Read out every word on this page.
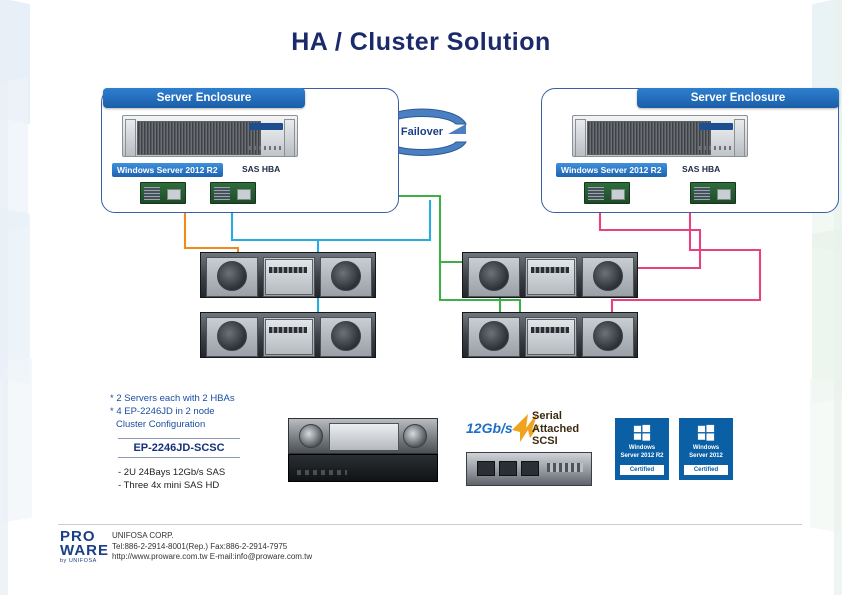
HA / Cluster Solution
Failover
Server Enclosure
Windows Server 2012 R2	SAS HBA
Server Enclosure
Windows Server 2012 R2	SAS HBA
* 2 Servers each with 2 HBAs
* 4 EP-2246JD in 2 node
Cluster Configuration
EP-2246JD-SCSC
- 2U 24Bays 12Gb/s SAS
- Three 4x mini SAS HD
12Gb/s
Serial
Attached
SCSI
Windows
Server 2012 R2
Certified
Windows
Server 2012
Certified
PRO
WARE
by UNIFOSA
UNIFOSA CORP.
Tel:886-2-2914-8001(Rep.) Fax:886-2-2914-7975
http://www.proware.com.tw E-mail:info@proware.com.tw
